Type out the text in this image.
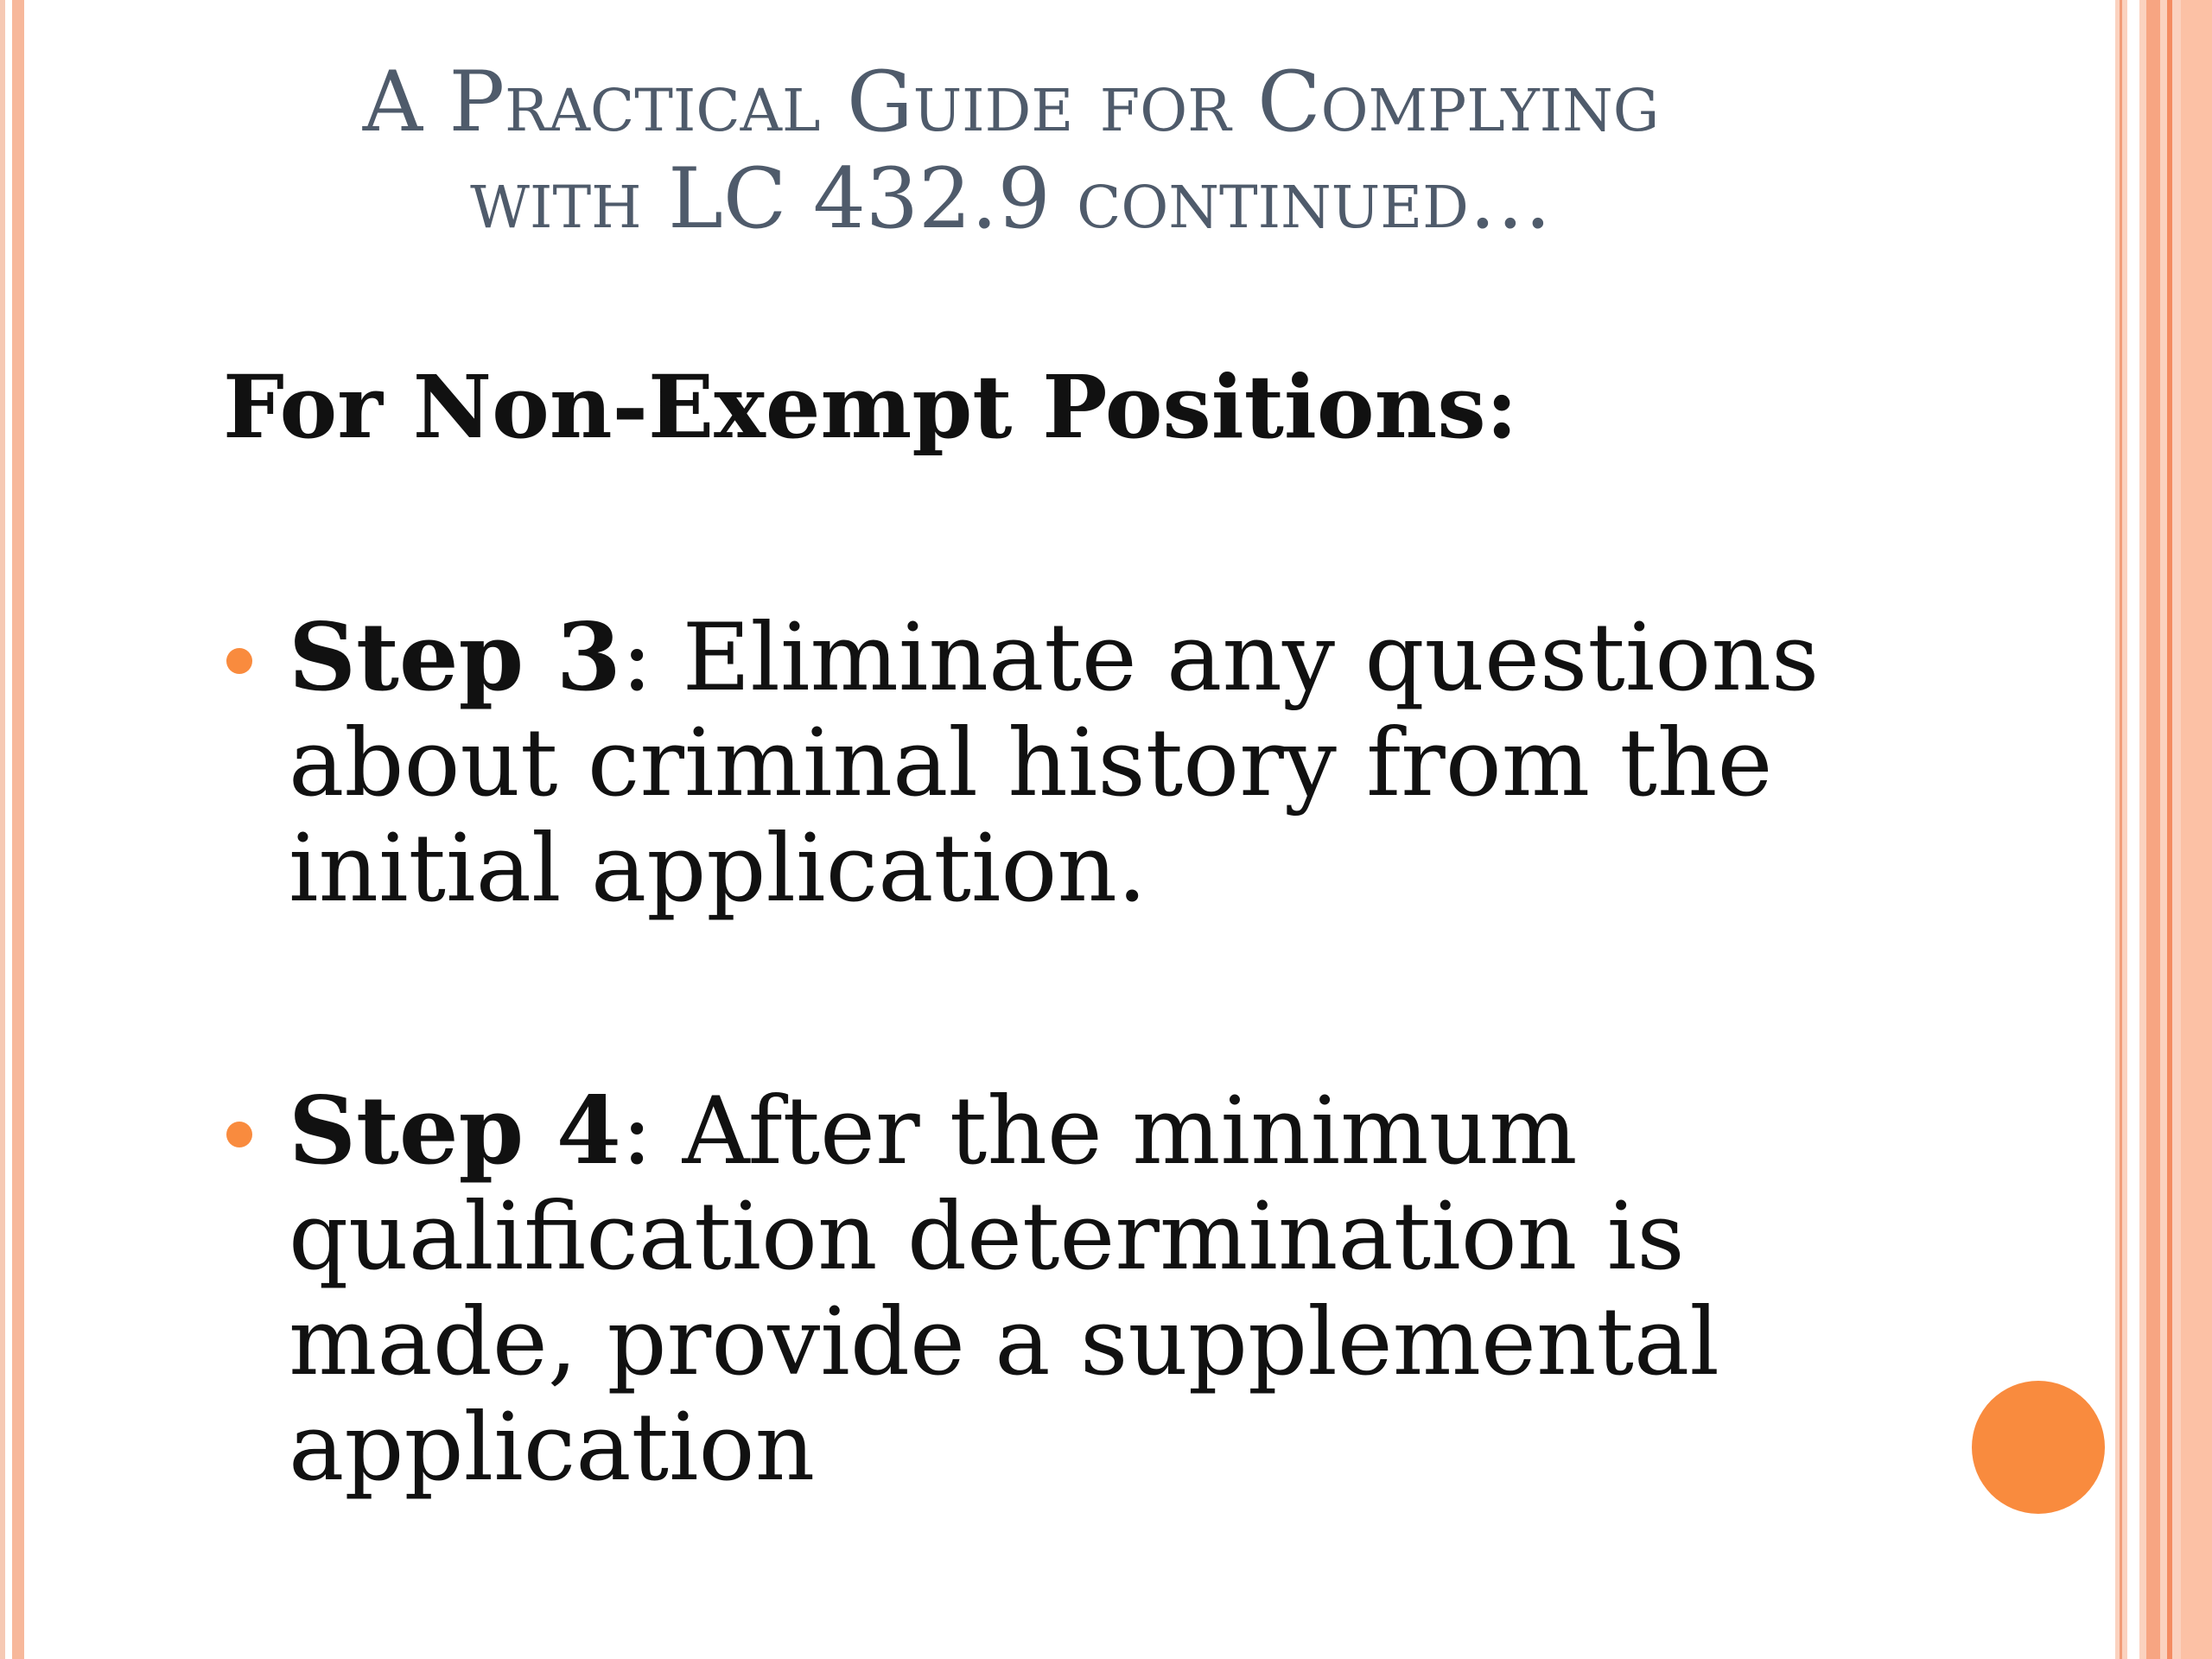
A Practical Guide for Complying
with LC 432.9 continued…
For Non-Exempt Positions:
Step 3: Eliminate any questions
about criminal history from the
initial application.
Step 4: After the minimum
qualification determination is
made, provide a supplemental
application
